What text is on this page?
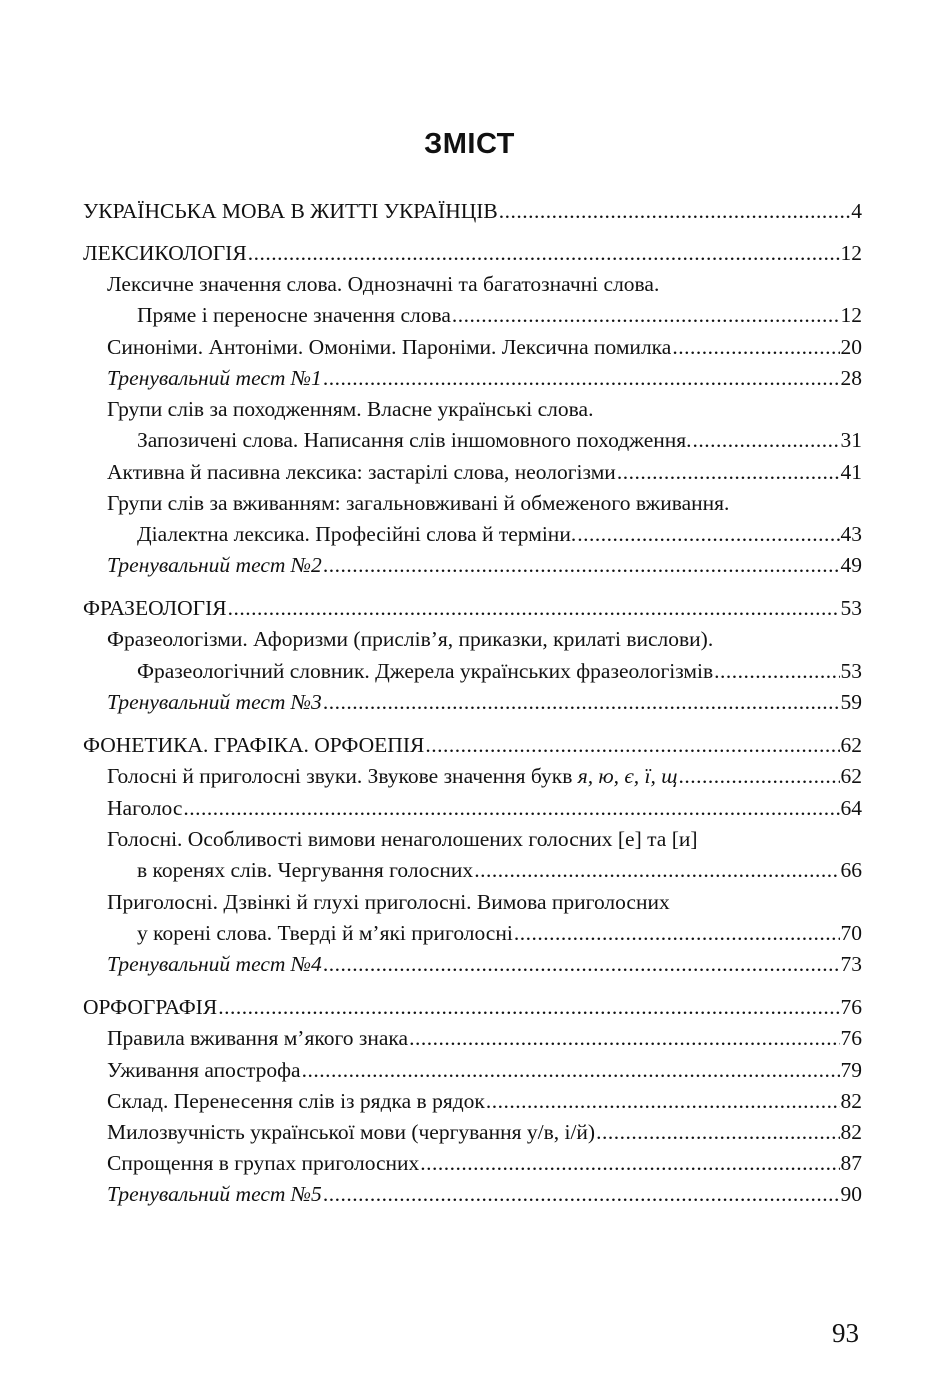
ЗМІСТ
УКРАЇНСЬКА МОВА В ЖИТТІ УКРАЇНЦІВ .....	4
ЛЕКСИКОЛОГІЯ .....	12
Лексичне значення слова. Однозначні та багатозначні слова.
Пряме і переносне значення слова .....	12
Синоніми. Антоніми. Омоніми. Пароніми. Лексична помилка .....	20
Тренувальний тест №1 .....	28
Групи слів за походженням. Власне українські слова.
Запозичені слова. Написання слів іншомовного походження. .....	31
Активна й пасивна лексика: застарілі слова, неологізми .....	41
Групи слів за вживанням: загальновживані й обмеженого вживання.
Діалектна лексика. Професійні слова й терміни. .....	43
Тренувальний тест №2 .....	49
ФРАЗЕОЛОГІЯ .....	53
Фразеологізми. Афоризми (прислів’я, приказки, крилаті вислови).
Фразеологічний словник. Джерела українських фразеологізмів .....	53
Тренувальний тест №3 .....	59
ФОНЕТИКА. ГРАФІКА. ОРФОЕПІЯ .....	62
Голосні й приголосні звуки. Звукове значення букв я, ю, є, ї, щ .....	62
Наголос .....	64
Голосні. Особливості вимови ненаголошених голосних [е] та [и]
в коренях слів. Чергування голосних .....	66
Приголосні. Дзвінкі й глухі приголосні. Вимова приголосних
у корені слова. Тверді й м’які приголосні .....	70
Тренувальний тест №4 .....	73
ОРФОГРАФІЯ .....	76
Правила вживання м’якого знака .....	76
Уживання апострофа .....	79
Склад. Перенесення слів із рядка в рядок .....	82
Милозвучність української мови (чергування у/в, і/й) .....	82
Спрощення в групах приголосних .....	87
Тренувальний тест №5 .....	90
93
